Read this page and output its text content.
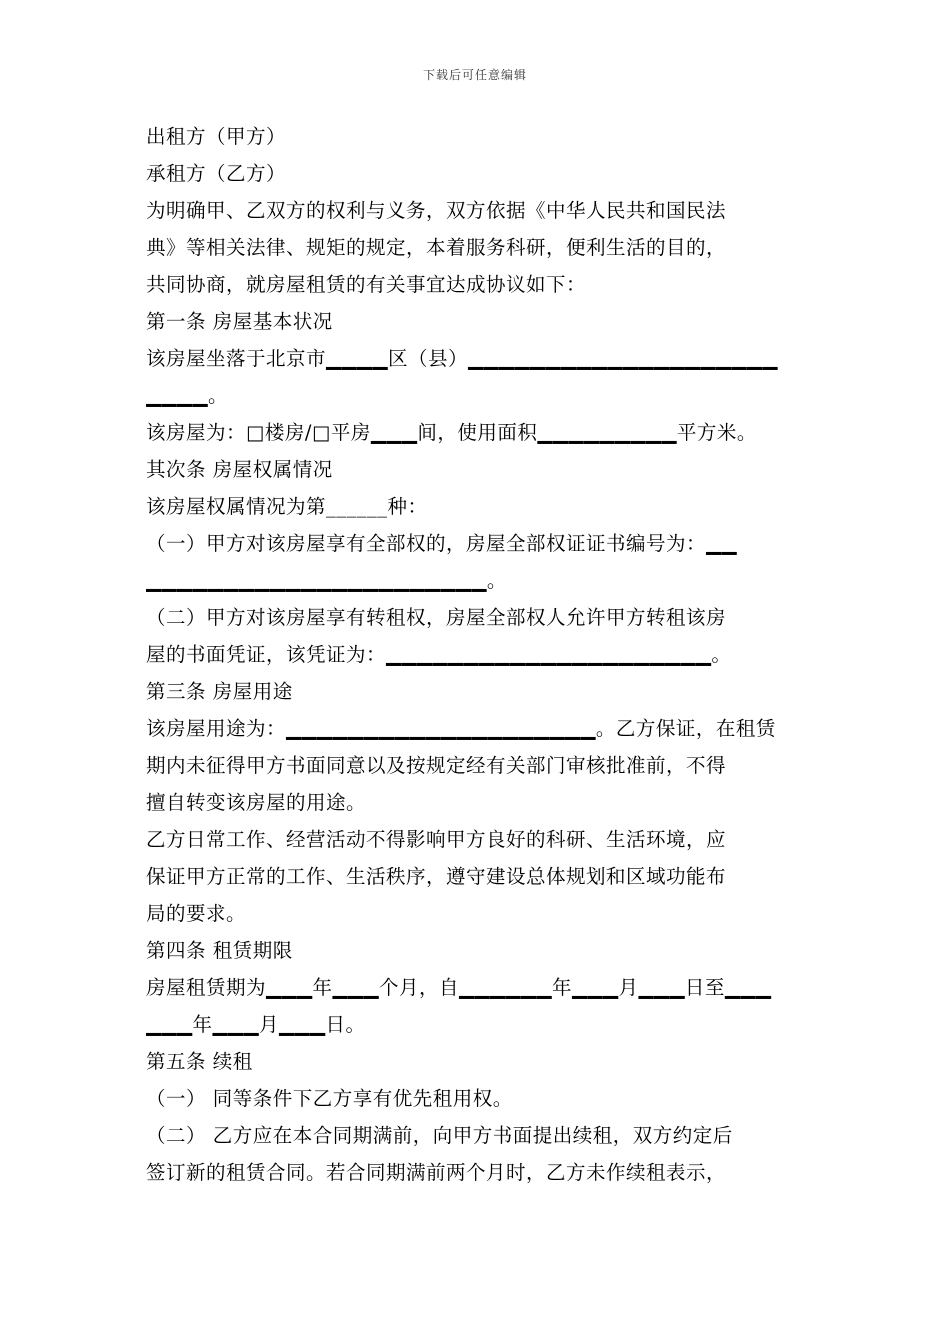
下载后可任意编辑
出租方（甲方）
承租方（乙方）
为明确甲、乙双方的权利与义务，双方依据《中华人民共和国民法
典》等相关法律、规矩的规定，本着服务科研，便利生活的目的，
共同协商，就房屋租赁的有关事宜达成协议如下：
第一条 房屋基本状况
该房屋坐落于北京市▁▁▁▁区（县）▁▁▁▁▁▁▁▁▁▁▁▁▁▁▁▁▁▁▁▁
▁▁▁▁。
该房屋为：□楼房/□平房▁▁▁间，使用面积▁▁▁▁▁▁▁▁▁平方米。
其次条 房屋权属情况
该房屋权属情况为第______种：
（一）甲方对该房屋享有全部权的，房屋全部权证证书编号为：▁▁
▁▁▁▁▁▁▁▁▁▁▁▁▁▁▁▁▁▁▁▁▁▁。
（二）甲方对该房屋享有转租权，房屋全部权人允许甲方转租该房
屋的书面凭证，该凭证为：▁▁▁▁▁▁▁▁▁▁▁▁▁▁▁▁▁▁▁▁▁。
第三条 房屋用途
该房屋用途为：▁▁▁▁▁▁▁▁▁▁▁▁▁▁▁▁▁▁▁▁。乙方保证，在租赁
期内未征得甲方书面同意以及按规定经有关部门审核批准前，不得
擅自转变该房屋的用途。
乙方日常工作、经营活动不得影响甲方良好的科研、生活环境，应
保证甲方正常的工作、生活秩序，遵守建设总体规划和区域功能布
局的要求。
第四条 租赁期限
房屋租赁期为▁▁▁年▁▁▁个月，自▁▁▁▁▁▁年▁▁▁月▁▁▁日至▁▁▁
▁▁▁年▁▁▁月▁▁▁日。
第五条 续租
（一） 同等条件下乙方享有优先租用权。
（二） 乙方应在本合同期满前，向甲方书面提出续租，双方约定后
签订新的租赁合同。若合同期满前两个月时，乙方未作续租表示，
